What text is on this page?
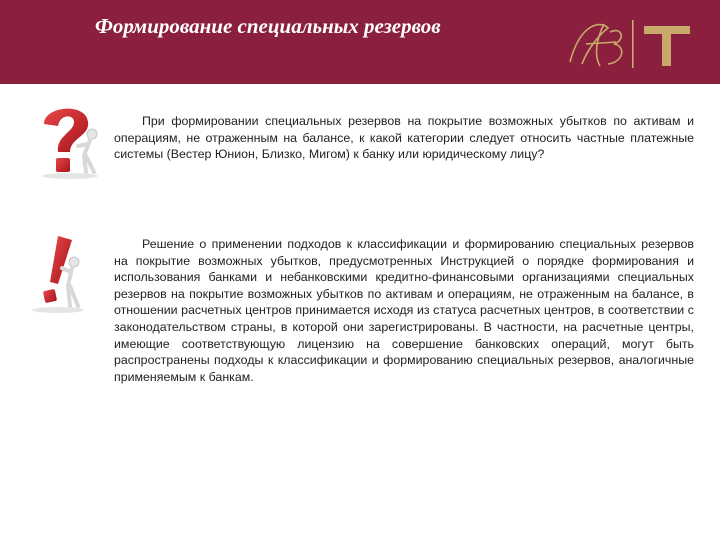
Формирование специальных резервов

При формировании специальных резервов на покрытие возможных убытков по активам и операциям, не отраженным на балансе, к какой категории следует относить частные платежные системы (Вестер Юнион, Близко, Мигом) к банку или юридическому лицу?

Решение о применении подходов к классификации и формированию специальных резервов на покрытие возможных убытков, предусмотренных Инструкцией о порядке формирования и использования банками и небанковскими кредитно-финансовыми организациями специальных резервов на покрытие возможных убытков по активам и операциям, не отраженным на балансе, в отношении расчетных центров принимается исходя из статуса расчетных центров, в соответствии с законодательством страны, в которой они зарегистрированы. В частности, на расчетные центры, имеющие соответствующую лицензию на совершение банковских операций, могут быть распространены подходы к классификации и формированию специальных резервов, аналогичные применяемым к банкам.
